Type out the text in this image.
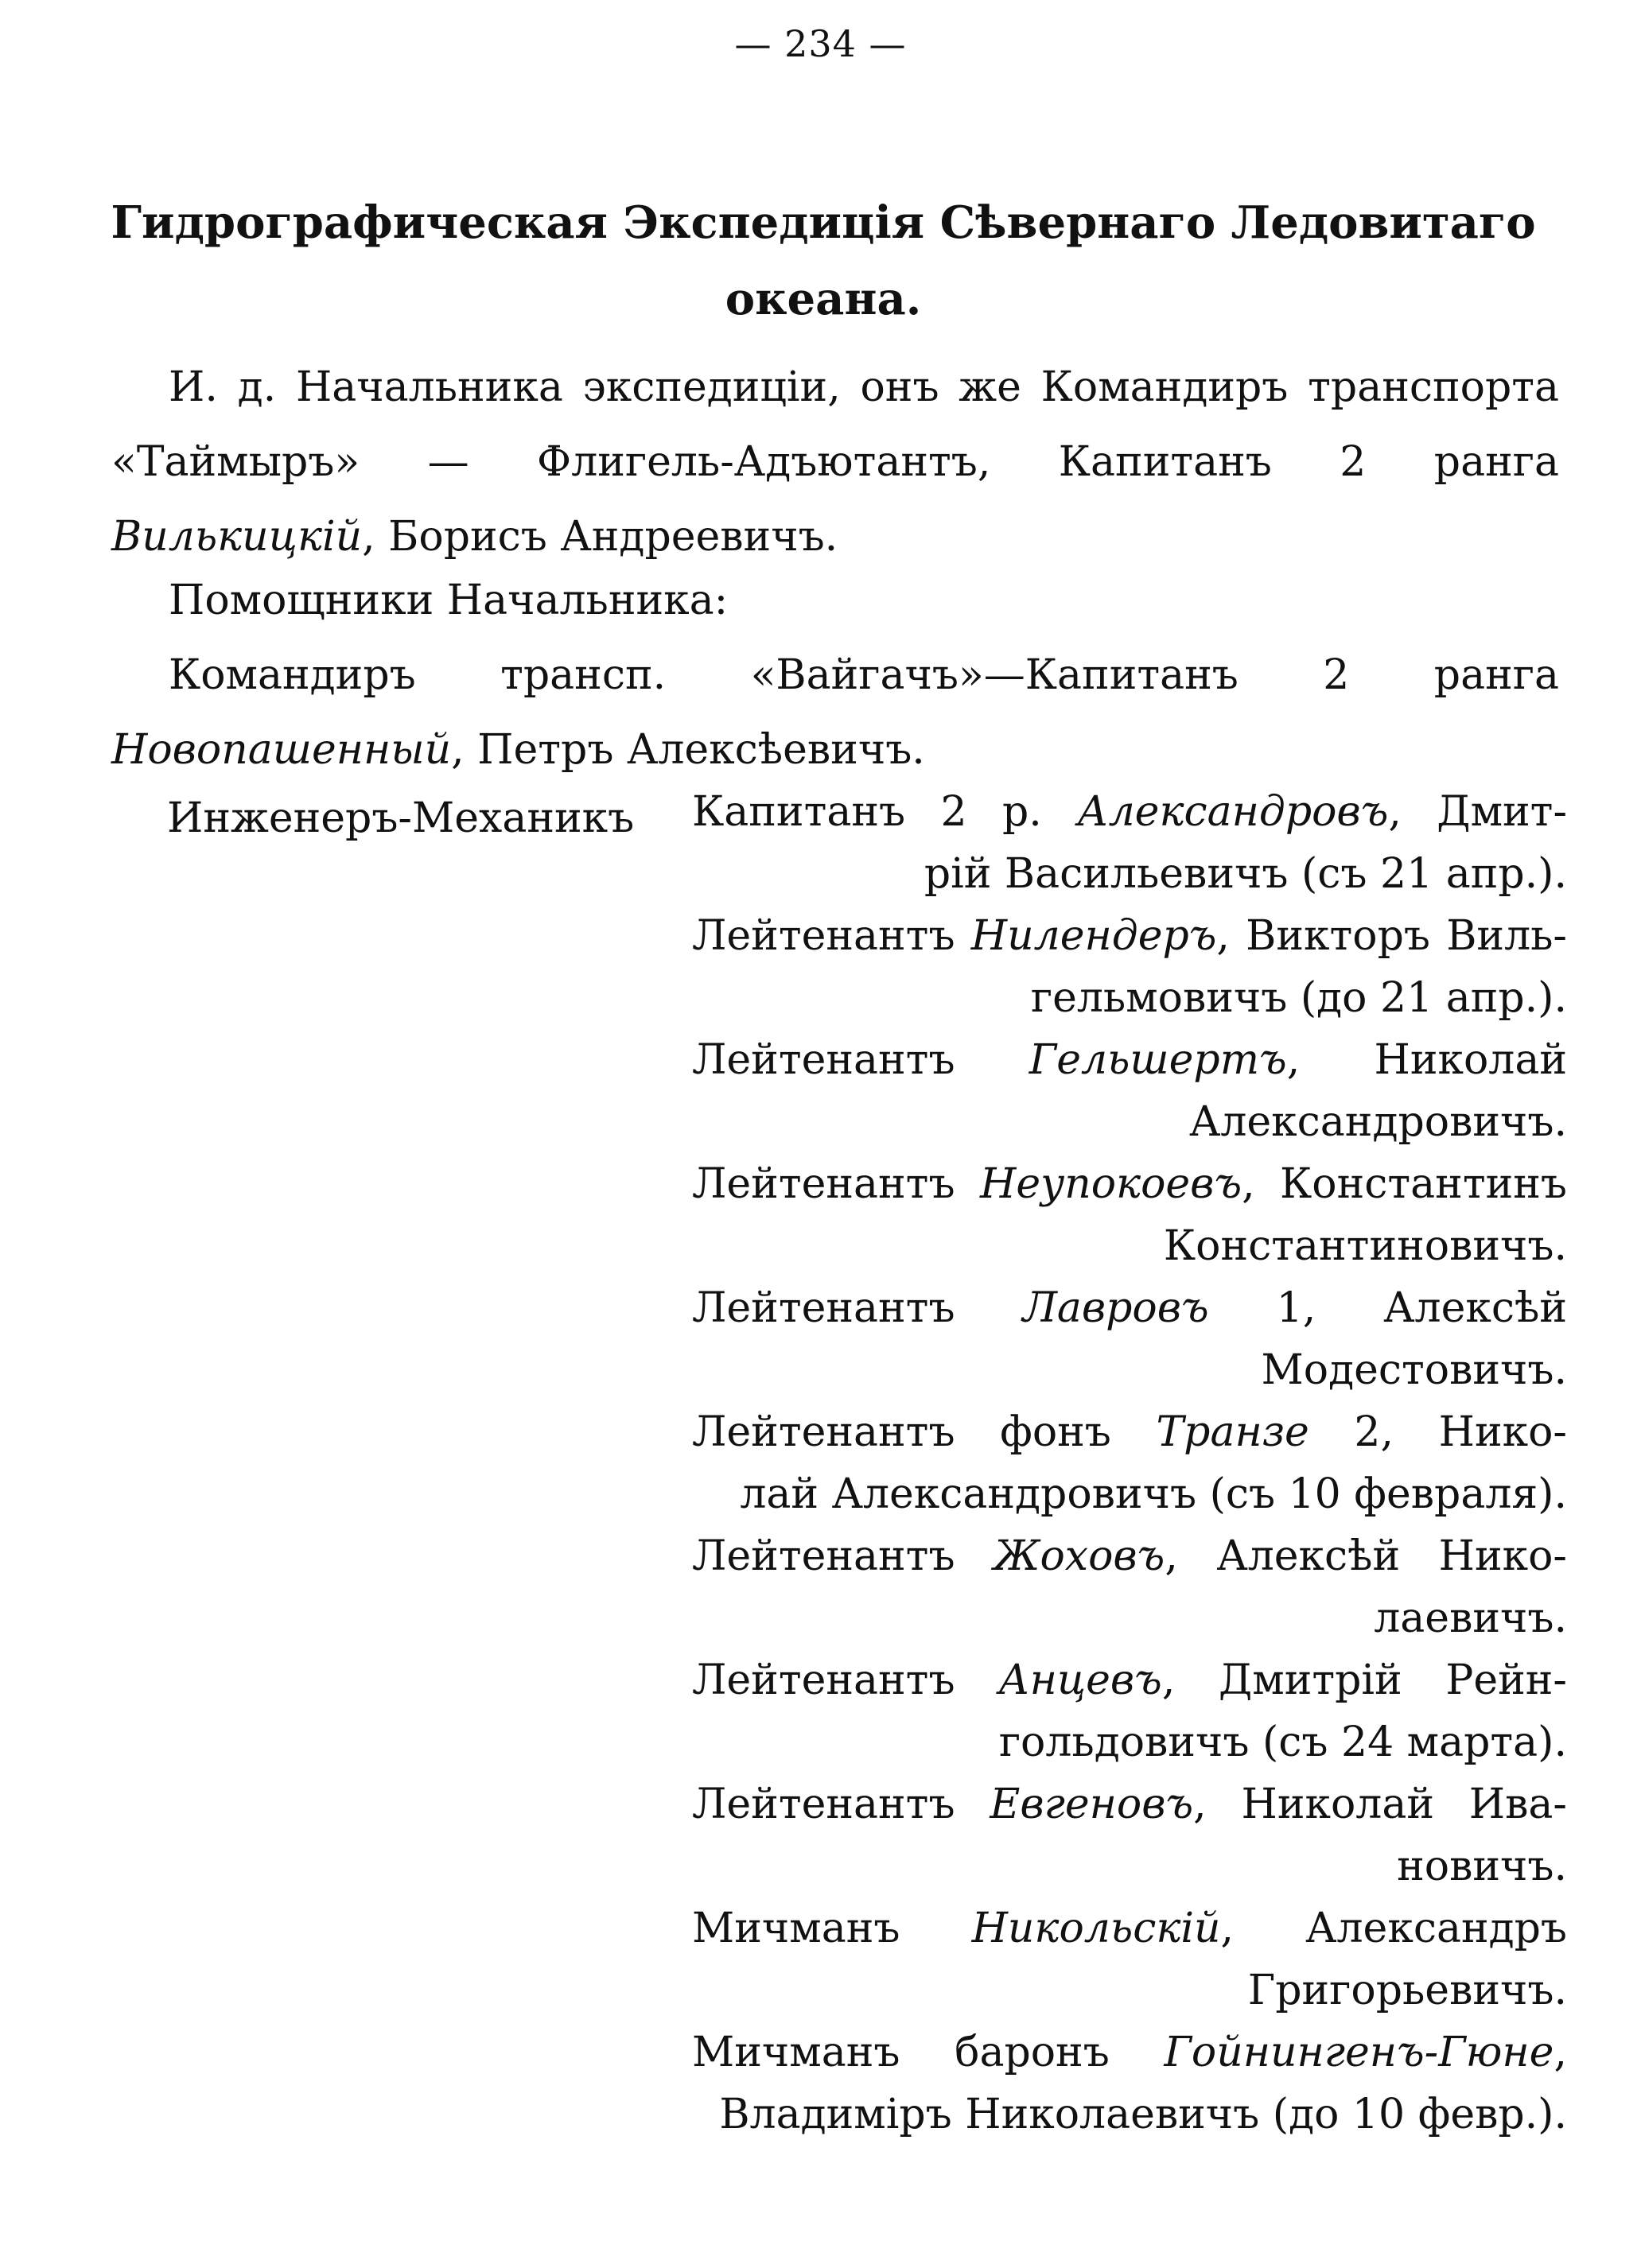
— 234 —
Гидрографическая Экспедиція Сѣвернаго Ледовитаго океана.
И. д. Начальника экспедиціи, онъ же Командиръ транспорта «Таймыръ» — Флигель-Адъютантъ, Капитанъ 2 ранга Вилькицкій, Борисъ Андреевичъ.
Помощники Начальника:
Командиръ трансп. «Вайгачъ»—Капитанъ 2 ранга Новопашенный, Петръ Алексѣевичъ.
Инженеръ-Механикъ Капитанъ 2 р. Александровъ, Дмит-
рій Васильевичъ (съ 21 апр.).
Лейтенантъ Нилендеръ, Викторъ Виль-
гельмовичъ (до 21 апр.).
Лейтенантъ Гельшертъ, Николай
Александровичъ.
Лейтенантъ Неупокоевъ, Константинъ
Константиновичъ.
Лейтенантъ Лавровъ 1, Алексѣй
Модестовичъ.
Лейтенантъ фонъ Транзе 2, Нико-
лай Александровичъ (съ 10 февраля).
Лейтенантъ Жоховъ, Алексѣй Нико-
лаевичъ.
Лейтенантъ Анцевъ, Дмитрій Рейн-
гольдовичъ (съ 24 марта).
Лейтенантъ Евгеновъ, Николай Ива-
новичъ.
Мичманъ Никольскій, Александръ
Григорьевичъ.
Мичманъ баронъ Гойнингенъ-Гюне,
Владиміръ Николаевичъ (до 10 февр.).
